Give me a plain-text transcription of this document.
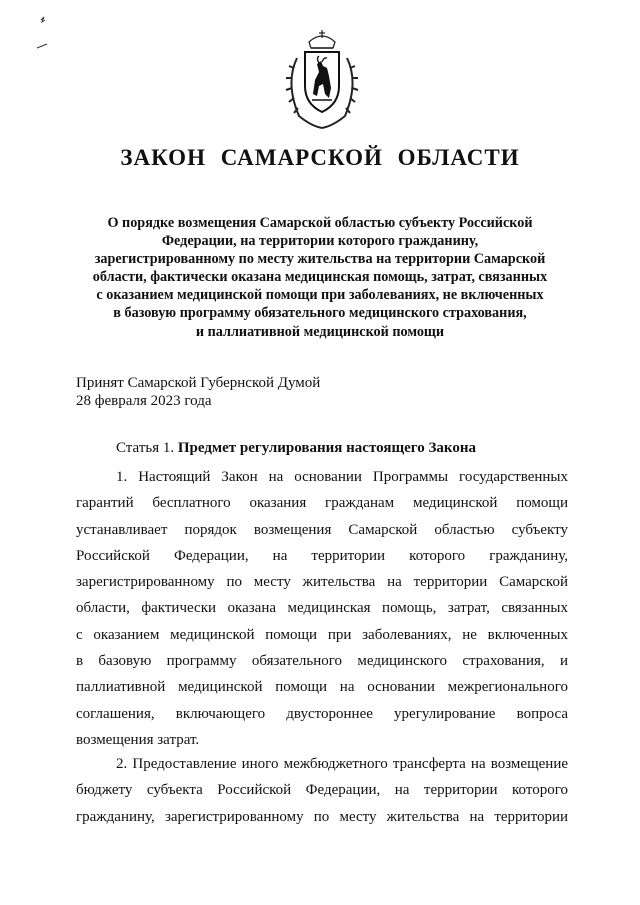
ЗАКОН САМАРСКОЙ ОБЛАСТИ
О порядке возмещения Самарской областью субъекту Российской
Федерации, на территории которого гражданину,
зарегистрированному по месту жительства на территории Самарской
области, фактически оказана медицинская помощь, затрат, связанных
с оказанием медицинской помощи при заболеваниях, не включенных
в базовую программу обязательного медицинского страхования,
и паллиативной медицинской помощи
Принят Самарской Губернской Думой
28 февраля 2023 года
Статья 1. Предмет регулирования настоящего Закона
1. Настоящий Закон на основании Программы государственных
гарантий бесплатного оказания гражданам медицинской помощи
устанавливает порядок возмещения Самарской областью субъекту
Российской Федерации, на территории которого гражданину,
зарегистрированному по месту жительства на территории Самарской
области, фактически оказана медицинская помощь, затрат, связанных
с оказанием медицинской помощи при заболеваниях, не включенных
в базовую программу обязательного медицинского страхования, и
паллиативной медицинской помощи на основании межрегионального
соглашения, включающего двустороннее урегулирование вопроса
возмещения затрат.
2. Предоставление иного межбюджетного трансферта на возмещение
бюджету субъекта Российской Федерации, на территории которого
гражданину, зарегистрированному по месту жительства на территории
